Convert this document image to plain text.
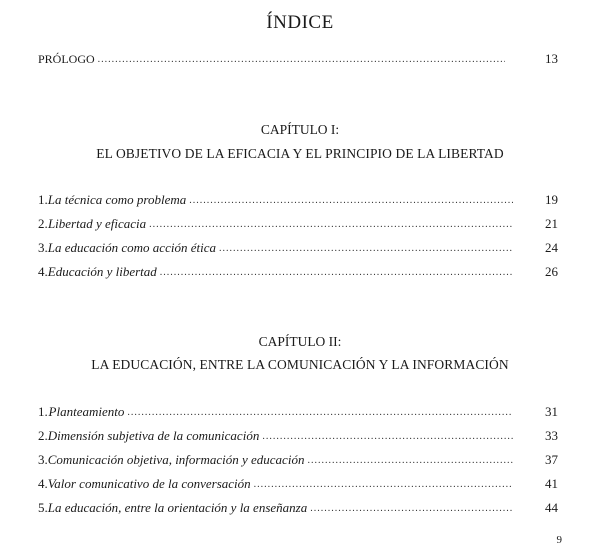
ÍNDICE
PRÓLOGO .....	13
CAPÍTULO I:
EL OBJETIVO DE LA EFICACIA Y EL PRINCIPIO DE LA LIBERTAD
1. La técnica como problema .....	19
2. Libertad y eficacia .....	21
3. La educación como acción ética .....	24
4. Educación y libertad .....	26
CAPÍTULO II:
LA EDUCACIÓN, ENTRE LA COMUNICACIÓN Y LA INFORMACIÓN
1. Planteamiento .....	31
2. Dimensión subjetiva de la comunicación .....	33
3. Comunicación objetiva, información y educación .....	37
4. Valor comunicativo de la conversación .....	41
5. La educación, entre la orientación y la enseñanza .....	44
9
